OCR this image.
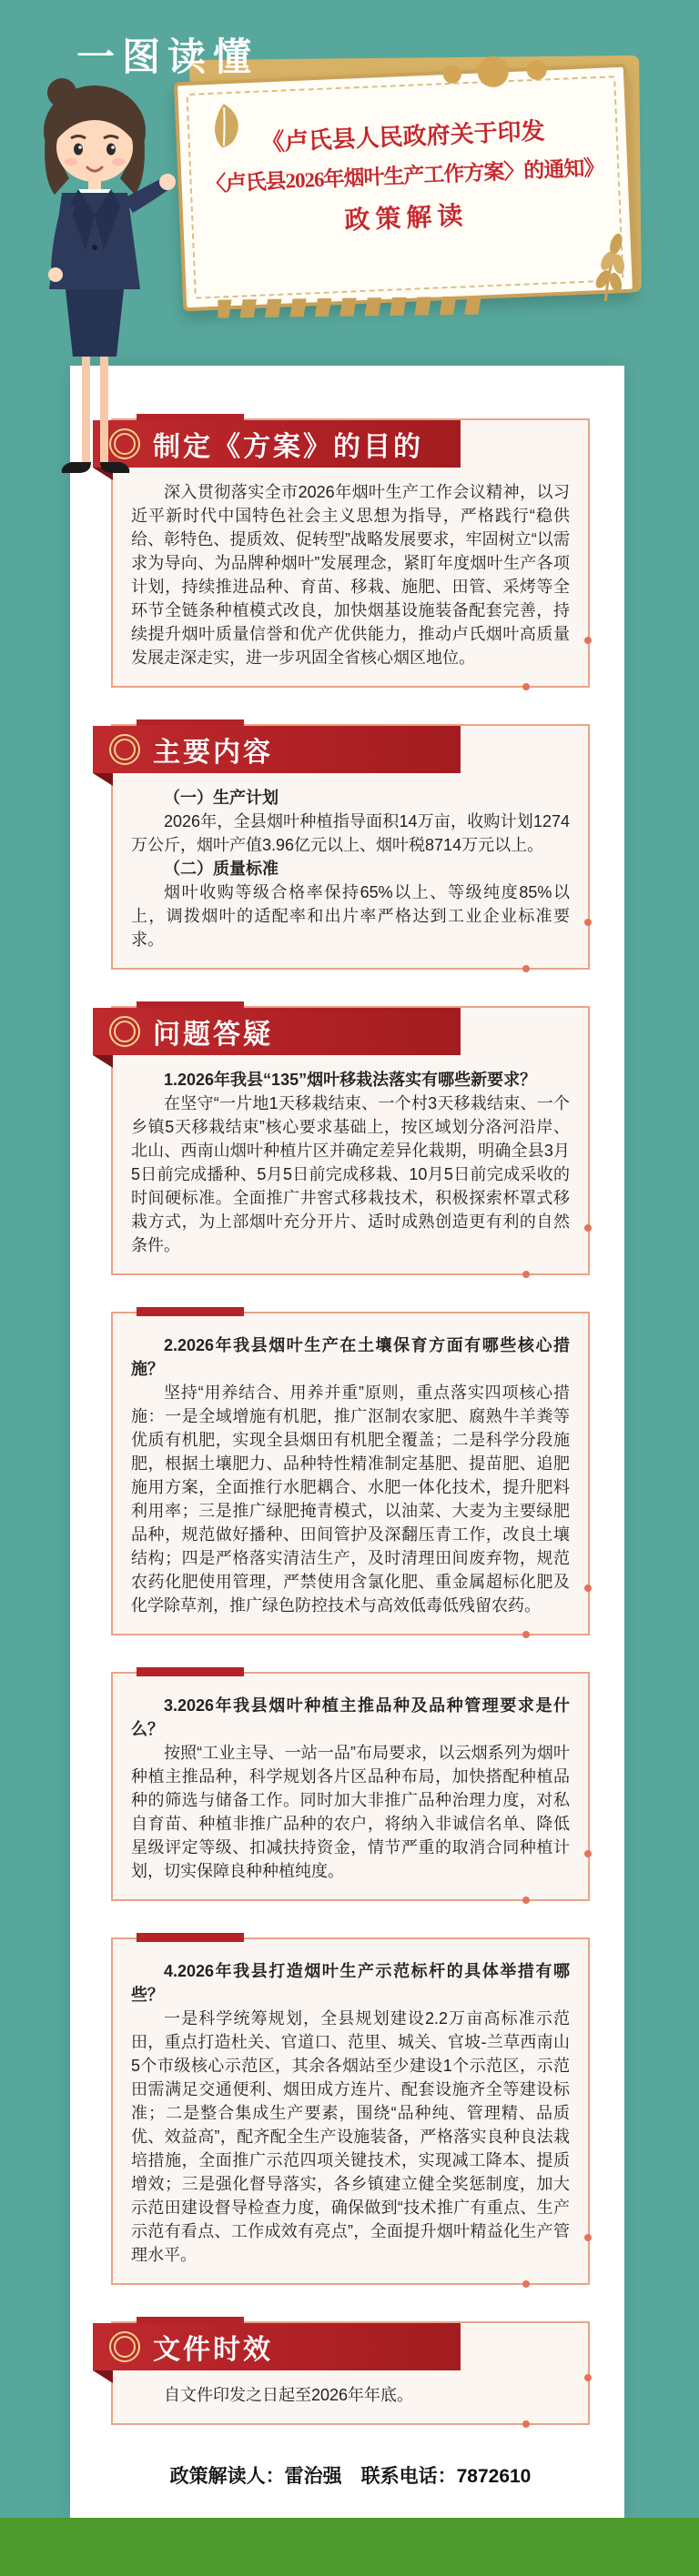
一图读懂
《卢氏县人民政府关于印发
〈卢氏县2026年烟叶生产工作方案〉的通知》
政策解读
制定《方案》的目的

深入贯彻落实全市2026年烟叶生产工作会议精神，以习近平新时代中国特色社会主义思想为指导，严格践行“稳供给、彰特色、提质效、促转型”战略发展要求，牢固树立“以需求为导向、为品牌种烟叶”发展理念，紧盯年度烟叶生产各项计划，持续推进品种、育苗、移栽、施肥、田管、采烤等全环节全链条种植模式改良，加快烟基设施装备配套完善，持续提升烟叶质量信誉和优产优供能力，推动卢氏烟叶高质量发展走深走实，进一步巩固全省核心烟区地位。

主要内容

（一）生产计划

2026年，全县烟叶种植指导面积14万亩，收购计划1274万公斤，烟叶产值3.96亿元以上、烟叶税8714万元以上。

（二）质量标准

烟叶收购等级合格率保持65%以上、等级纯度85%以上，调拨烟叶的适配率和出片率严格达到工业企业标准要求。

问题答疑

1.2026年我县“135”烟叶移栽法落实有哪些新要求？

在坚守“一片地1天移栽结束、一个村3天移栽结束、一个乡镇5天移栽结束”核心要求基础上，按区域划分洛河沿岸、北山、西南山烟叶种植片区并确定差异化栽期，明确全县3月5日前完成播种、5月5日前完成移栽、10月5日前完成采收的时间硬标准。全面推广井窖式移栽技术，积极探索杯罩式移栽方式，为上部烟叶充分开片、适时成熟创造更有利的自然条件。

2.2026年我县烟叶生产在土壤保育方面有哪些核心措施？

坚持“用养结合、用养并重”原则，重点落实四项核心措施：一是全域增施有机肥，推广沤制农家肥、腐熟牛羊粪等优质有机肥，实现全县烟田有机肥全覆盖；二是科学分段施肥，根据土壤肥力、品种特性精准制定基肥、提苗肥、追肥施用方案，全面推行水肥耦合、水肥一体化技术，提升肥料利用率；三是推广绿肥掩青模式，以油菜、大麦为主要绿肥品种，规范做好播种、田间管护及深翻压青工作，改良土壤结构；四是严格落实清洁生产，及时清理田间废弃物，规范农药化肥使用管理，严禁使用含氯化肥、重金属超标化肥及化学除草剂，推广绿色防控技术与高效低毒低残留农药。

3.2026年我县烟叶种植主推品种及品种管理要求是什么？

按照“工业主导、一站一品”布局要求，以云烟系列为烟叶种植主推品种，科学规划各片区品种布局，加快搭配种植品种的筛选与储备工作。同时加大非推广品种治理力度，对私自育苗、种植非推广品种的农户，将纳入非诚信名单、降低星级评定等级、扣减扶持资金，情节严重的取消合同种植计划，切实保障良种种植纯度。

4.2026年我县打造烟叶生产示范标杆的具体举措有哪些？

一是科学统筹规划，全县规划建设2.2万亩高标准示范田，重点打造杜关、官道口、范里、城关、官坡-兰草西南山5个市级核心示范区，其余各烟站至少建设1个示范区，示范田需满足交通便利、烟田成方连片、配套设施齐全等建设标准；二是整合集成生产要素，围绕“品种纯、管理精、品质优、效益高”，配齐配全生产设施装备，严格落实良种良法栽培措施，全面推广示范四项关键技术，实现减工降本、提质增效；三是强化督导落实，各乡镇建立健全奖惩制度，加大示范田建设督导检查力度，确保做到“技术推广有重点、生产示范有看点、工作成效有亮点”，全面提升烟叶精益化生产管理水平。

文件时效

自文件印发之日起至2026年年底。

政策解读人：雷治强　联系电话：7872610
